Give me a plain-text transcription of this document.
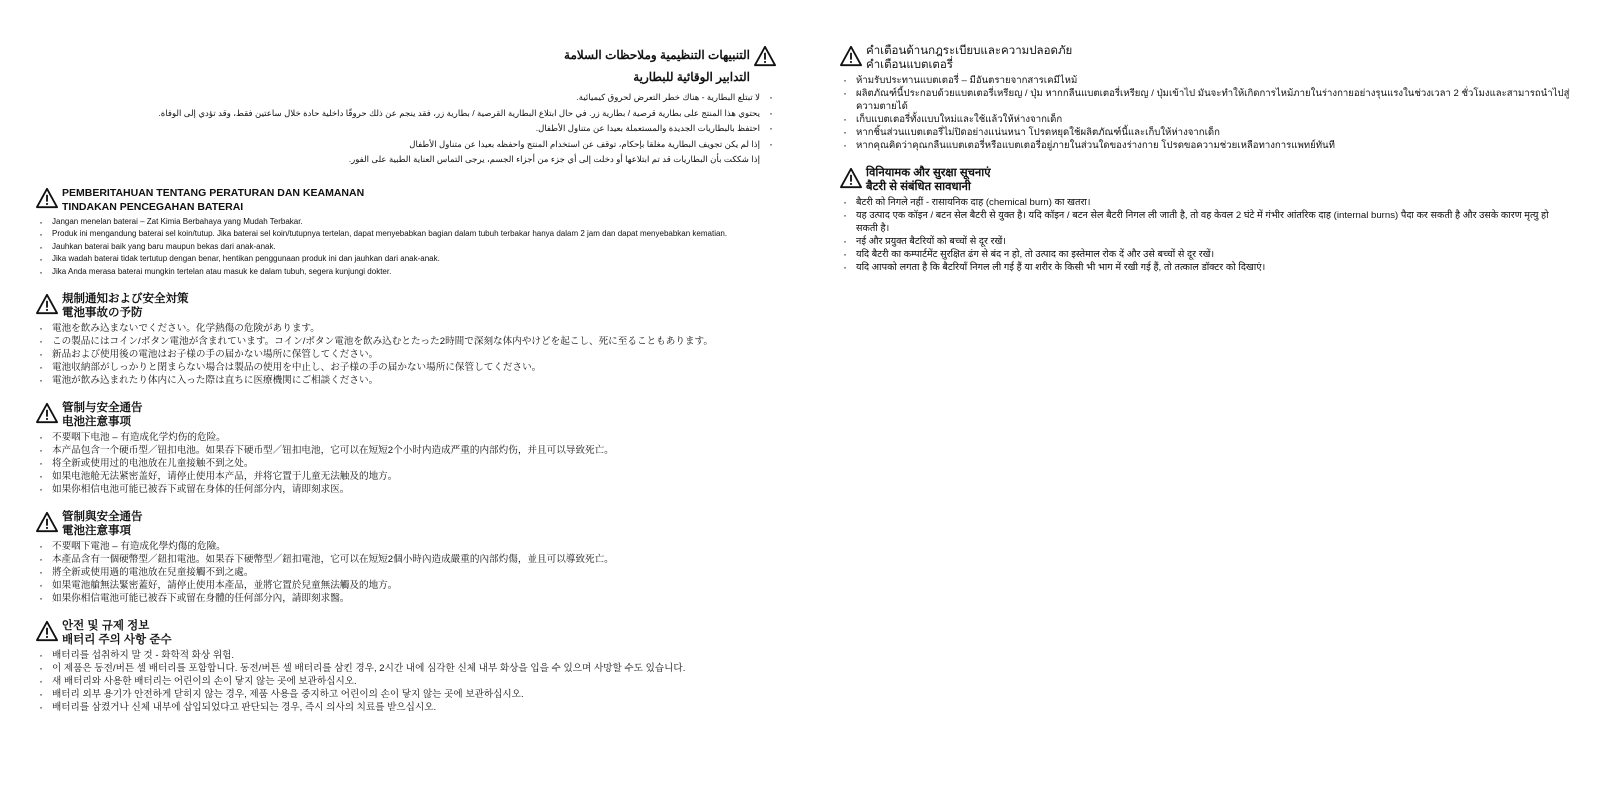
التنبيهات التنظيمية وملاحظات السلامة
التدابير الوقائية للبطارية
· لا تبتلع البطارية - هناك خطر التعرض لحروق كيميائية.
· يحتوي هذا المنتج على بطارية قرصية / بطارية زر. في حال ابتلاع البطارية القرصية / بطارية زر، فقد ينجم عن ذلك حروقًا داخلية حادة خلال ساعتين فقط، وقد تؤدي إلى الوفاة.
· احتفظ بالبطاريات الجديدة والمستعملة بعيدا عن متناول الأطفال.
· إذا لم يكن تجويف البطارية مغلقا بإحكام، توقف عن استخدام المنتج واحفظه بعيدا عن متناول الأطفال
إذا شككت بأن البطاريات قد تم ابتلاعها أو دخلت إلى أي جزء من أجزاء الجسم، يرجى التماس العناية الطبية على الفور.
PEMBERITAHUAN TENTANG PERATURAN DAN KEAMANAN
TINDAKAN PENCEGAHAN BATERAI
· Jangan menelan baterai – Zat Kimia Berbahaya yang Mudah Terbakar.
· Produk ini mengandung baterai sel koin/tutup. Jika baterai sel koin/tutupnya tertelan, dapat menyebabkan bagian dalam tubuh terbakar hanya dalam 2 jam dan dapat menyebabkan kematian.
· Jauhkan baterai baik yang baru maupun bekas dari anak-anak.
· Jika wadah baterai tidak tertutup dengan benar, hentikan penggunaan produk ini dan jauhkan dari anak-anak.
· Jika Anda merasa baterai mungkin tertelan atau masuk ke dalam tubuh, segera kunjungi dokter.
規制通知および安全対策
電池事故の予防
· 電池を飲み込まないでください。化学熱傷の危険があります。
· この製品にはコイン/ボタン電池が含まれています。コイン/ボタン電池を飲み込むとたった2時間で深刻な体内やけどを起こし、死に至ることもあります。
· 新品および使用後の電池はお子様の手の届かない場所に保管してください。
· 電池収納部がしっかりと閉まらない場合は製品の使用を中止し、お子様の手の届かない場所に保管してください。
· 電池が飲み込まれたり体内に入った際は直ちに医療機関にご相談ください。
管制与安全通告
电池注意事项
· 不要咽下电池 – 有造成化学灼伤的危险。
· 本产品包含一个硬币型／钮扣电池。如果吞下硬币型／钮扣电池，它可以在短短2个小时内造成严重的内部灼伤，并且可以导致死亡。
· 将全新或使用过的电池放在儿童接触不到之处。
· 如果电池舱无法紧密盖好，请停止使用本产品，并将它置于儿童无法触及的地方。
· 如果你相信电池可能已被吞下或留在身体的任何部分内，请即刻求医。
管制與安全通告
電池注意事項
· 不要咽下電池 – 有造成化學灼傷的危險。
· 本產品含有一個硬幣型／鈕扣電池。如果吞下硬幣型／鈕扣電池，它可以在短短2個小時內造成嚴重的內部灼傷，並且可以導致死亡。
· 將全新或使用過的電池放在兒童接觸不到之處。
· 如果電池艙無法緊密蓋好，請停止使用本產品，並將它置於兒童無法觸及的地方。
· 如果你相信電池可能已被吞下或留在身體的任何部分內，請即刻求醫。
안전 및 규제 정보
배터리 주의 사항 준수
· 배터리를 섭취하지 말 것 - 화학적 화상 위험.
· 이 제품은 동전/버튼 셀 배터리를 포함합니다. 동전/버튼 셀 배터리를 삼킨 경우, 2시간 내에 심각한 신체 내부 화상을 입을 수 있으며 사망할 수도 있습니다.
· 새 배터리와 사용한 배터리는 어린이의 손이 닿지 않는 곳에 보관하십시오.
· 배터리 외부 용기가 안전하게 닫히지 않는 경우, 제품 사용을 중지하고 어린이의 손이 닿지 않는 곳에 보관하십시오.
· 배터리를 삼켰거나 신체 내부에 삽입되었다고 판단되는 경우, 즉시 의사의 치료를 받으십시오.
คำเตือนด้านกฎระเบียบและความปลอดภัย
คำเตือนแบตเตอรี่
· ห้ามรับประทานแบตเตอรี่ – มีอันตรายจากสารเคมีไหม้
· ผลิตภัณฑ์นี้ประกอบด้วยแบตเตอรี่เหรียญ / ปุ่ม หากกลืนแบตเตอรี่เหรียญ / ปุ่มเข้าไป มันจะทำให้เกิดการไหม้ภายในร่างกายอย่างรุนแรงในช่วงเวลา 2 ชั่วโมงและสามารถนำไปสู่ความตายได้
· เก็บแบตเตอรี่ทั้งแบบใหม่และใช้แล้วให้ห่างจากเด็ก
· หากชิ้นส่วนแบตเตอรี่ไม่ปิดอย่างแน่นหนา โปรดหยุดใช้ผลิตภัณฑ์นี้และเก็บให้ห่างจากเด็ก
· หากคุณคิดว่าคุณกลืนแบตเตอรี่หรือแบตเตอรี่อยู่ภายในส่วนใดของร่างกาย โปรดขอความช่วยเหลือทางการแพทย์ทันที
विनियामक और सुरक्षा सूचनाएं
बैटरी से संबंधित सावधानी
· बैटरी को निगले नहीं - रासायनिक दाह (chemical burn) का खतरा।
· यह उत्पाद एक कॉइन / बटन सेल बैटरी से युक्त है। यदि कॉइन / बटन सेल बैटरी निगल ली जाती है, तो वह केवल 2 घंटे में गंभीर आंतरिक दाह (internal burns) पैदा कर सकती है और उसके कारण मृत्यु हो सकती है।
· नई और प्रयुक्त बैटरियों को बच्चों से दूर रखें।
· यदि बैटरी का कम्पार्टमेंट सुरक्षित ढंग से बंद न हो, तो उत्पाद का इस्तेमाल रोक दें और उसे बच्चों से दूर रखें।
· यदि आपको लगता है कि बैटरियाँ निगल ली गई हैं या शरीर के किसी भी भाग में रखी गई हैं, तो तत्काल डॉक्टर को दिखाएं।
